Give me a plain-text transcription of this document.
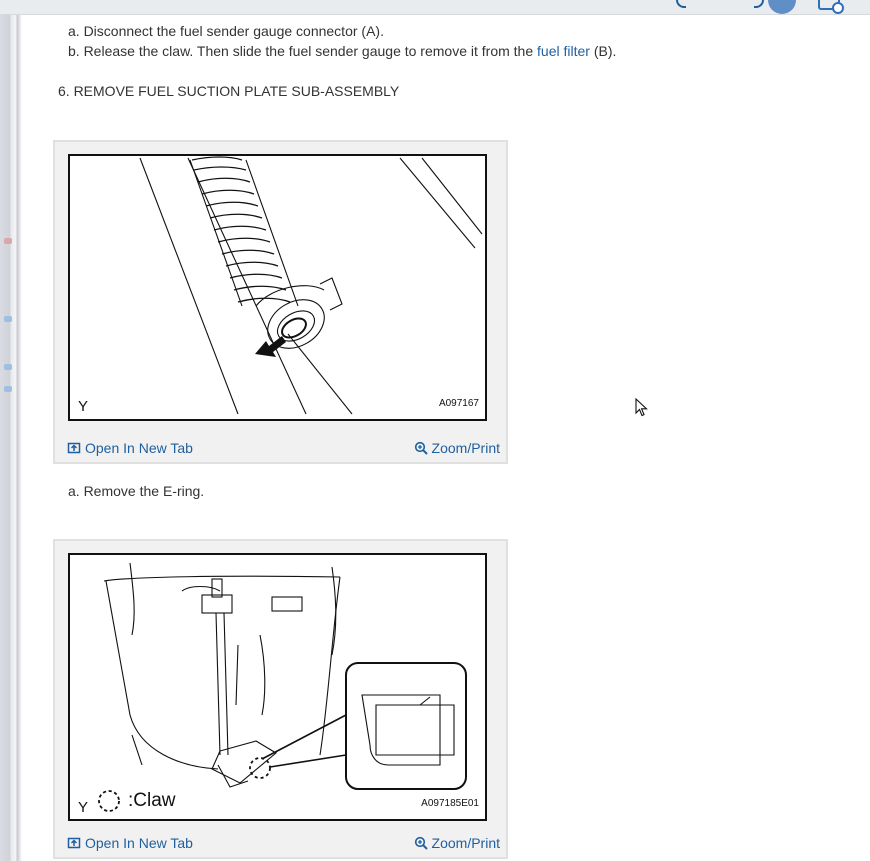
a. Disconnect the fuel sender gauge connector (A).
b. Release the claw. Then slide the fuel sender gauge to remove it from the fuel filter (B).
6. REMOVE FUEL SUCTION PLATE SUB-ASSEMBLY
Y	A097167
Open In New Tab	Zoom/Print
a. Remove the E-ring.
Y :Claw	A097185E01
Open In New Tab	Zoom/Print
